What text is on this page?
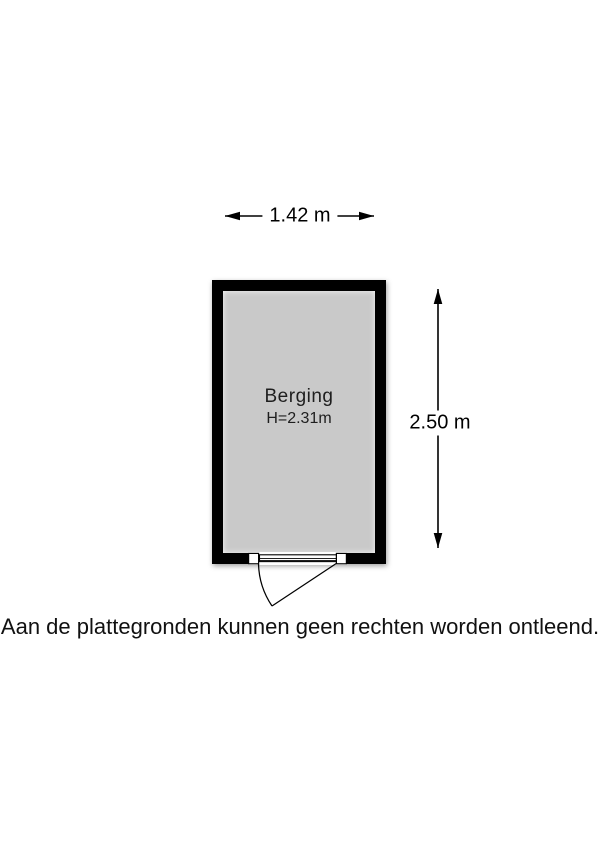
Berging
H=2.31m
1.42 m
2.50 m
Aan de plattegronden kunnen geen rechten worden ontleend.
